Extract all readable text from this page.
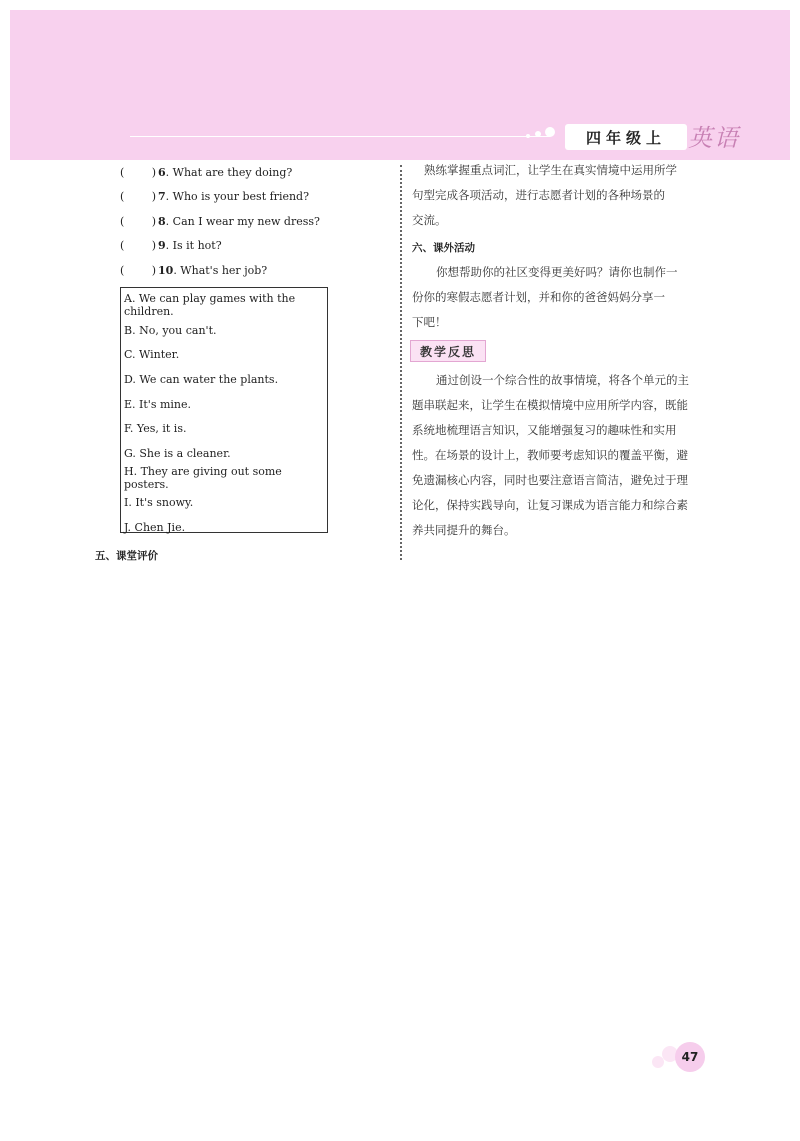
四年级上 英语
( ) 6 . What are they doing?
( ) 7 . Who is your best friend?
( ) 8 . Can I wear my new dress?
( ) 9 . Is it hot?
( ) 10 . What's her job?
A. We can play games with the children.
B. No, you can't.
C. Winter.
D. We can water the plants.
E. It's mine.
F. Yes, it is.
G. She is a cleaner.
H. They are giving out some posters.
I. It's snowy.
J. Chen Jie.
五、课堂评价
熟练掌握重点词汇，让学生在真实情境中运用所学
句型完成各项活动，进行志愿者计划的各种场景的
交流。
六、课外活动
你想帮助你的社区变得更美好吗？请你也制作一
份你的寒假志愿者计划，并和你的爸爸妈妈分享一
下吧！
教学反思
通过创设一个综合性的故事情境，将各个单元的主
题串联起来，让学生在模拟情境中应用所学内容，既能
系统地梳理语言知识，又能增强复习的趣味性和实用
性。在场景的设计上，教师要考虑知识的覆盖平衡，避
免遗漏核心内容，同时也要注意语言简洁，避免过于理
论化，保持实践导向，让复习课成为语言能力和综合素
养共同提升的舞台。
47
